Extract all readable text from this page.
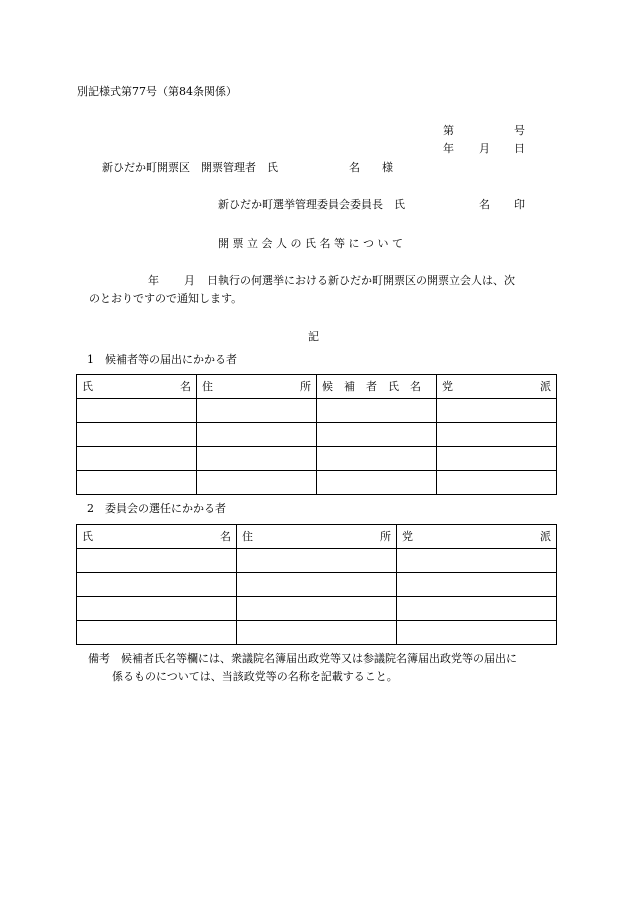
別記様式第77号（第84条関係）
第	号
年 月 日
新ひだか町開票区　開票管理者　氏	名 様
新ひだか町選挙管理委員会委員長　氏	名 印
開 票 立 会 人 の 氏 名 等 に つ い て
年 月 日執行の何選挙における新ひだか町開票区の開票立会人は、次
のとおりですので通知します。
記
1　候補者等の届出にかかる者
氏 名	住 所	候　補　者　氏　名	党 派

2　委員会の選任にかかる者
氏 名	住 所	党 派

備考　候補者氏名等欄には、衆議院名簿届出政党等又は参議院名簿届出政党等の届出に
係るものについては、当該政党等の名称を記載すること。
